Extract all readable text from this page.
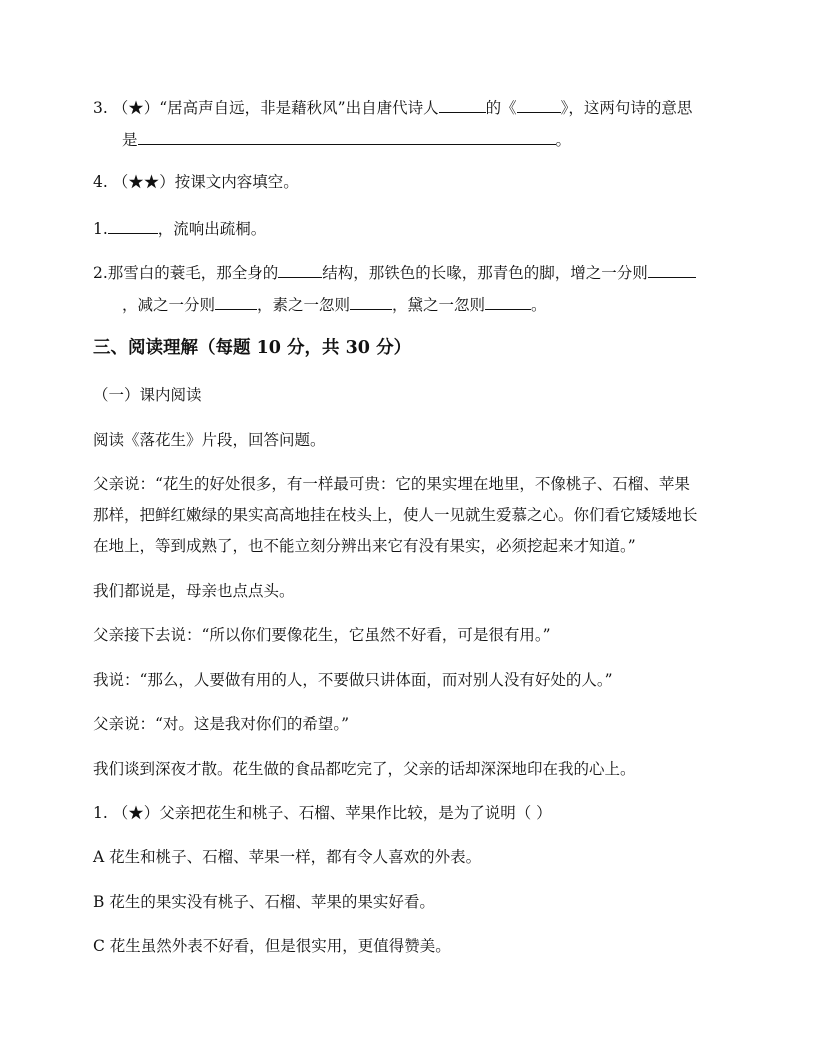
3. （★）“居高声自远，非是藉秋风”出自唐代诗人	的《	》，这两句诗的意思
是	。
4. （★★）按课文内容填空。
1.	，流响出疏桐。
2.那雪白的蓑毛，那全身的	结构，那铁色的长喙，那青色的脚，增之一分则
，减之一分则	，素之一忽则	，黛之一忽则	。
三、阅读理解（每题 10 分，共 30 分）
（一）课内阅读
阅读《落花生》片段，回答问题。
父亲说：“花生的好处很多，有一样最可贵：它的果实埋在地里，不像桃子、石榴、苹果
那样，把鲜红嫩绿的果实高高地挂在枝头上，使人一见就生爱慕之心。你们看它矮矮地长
在地上，等到成熟了，也不能立刻分辨出来它有没有果实，必须挖起来才知道。”
我们都说是，母亲也点点头。
父亲接下去说：“所以你们要像花生，它虽然不好看，可是很有用。”
我说：“那么，人要做有用的人，不要做只讲体面，而对别人没有好处的人。”
父亲说：“对。这是我对你们的希望。”
我们谈到深夜才散。花生做的食品都吃完了，父亲的话却深深地印在我的心上。
1. （★）父亲把花生和桃子、石榴、苹果作比较，是为了说明（ ）
A 花生和桃子、石榴、苹果一样，都有令人喜欢的外表。
B 花生的果实没有桃子、石榴、苹果的果实好看。
C 花生虽然外表不好看，但是很实用，更值得赞美。
